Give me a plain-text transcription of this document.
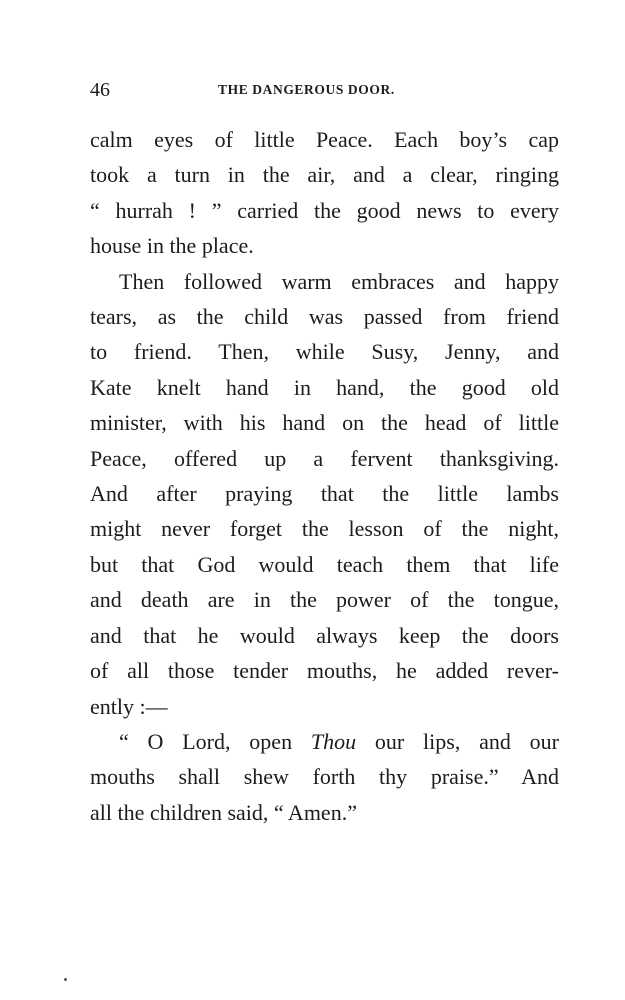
46	THE DANGEROUS DOOR.
calm eyes of little Peace. Each boy’s cap
took a turn in the air, and a clear, ringing
“ hurrah ! ” carried the good news to every
house in the place.
Then followed warm embraces and happy
tears, as the child was passed from friend
to friend. Then, while Susy, Jenny, and
Kate knelt hand in hand, the good old
minister, with his hand on the head of little
Peace, offered up a fervent thanksgiving.
And after praying that the little lambs
might never forget the lesson of the night,
but that God would teach them that life
and death are in the power of the tongue,
and that he would always keep the doors
of all those tender mouths, he added rever-
ently :—
“ O Lord, open Thou our lips, and our
mouths shall shew forth thy praise.” And
all the children said, “ Amen.”
